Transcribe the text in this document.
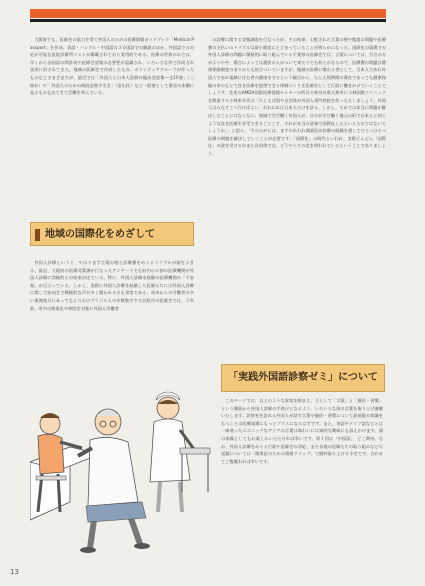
大阪府でも、医師会の協力を得て外国人のための医療情報ガイドブック「Medical Passport」を作成、英語・ハングル・中国語の３カ国語での解説のほか、外国語での対応が可能な医院診療所リストが掲載されており実用的である。医療の世界のみでは、早くから各国語の問診表や医療会話集の必要性が認識され、いろいろな形で作成され実用に供されてきた。地域の医師会で作成したもの、ボランティアグループが作ったものなどさまざまだが、最近では「外国人と日本人医師の臨床会話集―全10巻」（三修社）や「外国人のための病院必携手引き」（信山社）など一般書として書店の本棚に並ぶものも出てきて活躍を呼んでいる。

地域の国際化をめざして

外国人診療というと、やはりまず言葉の壁と診療費をめぐるトラブルが頭をよぎる。最近、大阪府の医療対策課が行なったアンケートでも府内の６割の医療機関が外国人診療に消極的との結果が出ている。特に、外国人診療未経験の医療機関の「不安視」が目立っている。しかし、実際に外国人診療を経験した医師たちには外国人診療に関して前向きで積極的な声が多く聞かれるのも事実である。南米からの労働者の多い東海地方にあってもとりわけブラジル人の多数集中する浜松市の医師会では、２年前、市内の開業医や病院を対象に外国人労働者

の診療に関する実態調査を行なったが、その結果、心配された言葉の壁や態度の問題や医療費の支払いのトラブルは最小限度にとどまっていることが明らかになった。国際化の現場での外国人診療の問題に積極的に取り組んでいる千葉県の医師会では、言葉については、方言の方がよりやや、場合によっては通訳の人がついて来たりでも何とかなるので、医療費の問題は健康保険制度のありかたも結びついていますが、地域の医療に携わる者として、日本人であれ外国人であれ地域に住む者の健康を守るという観点から、たとえ短期間の滞在であっても健康保険の傘のもとで良き医療を提供できる体制づくりを医師会として行政に働きかけていくことでしょうす。先述のAMDA国際医療情報センターの所長で神奈川県大和市に小林国際クリニックを開業する小林米幸氏は「たとえば国や自治体が外国人専門病院を作ったとしましょう。外国人はみなそこへ行けばよい、われわれは日本人だけを診る、しかし、それでは本当に問題が解決したことにはならない。地域で学び働く外国人が、自分が学び働く地元の町で日本人と同じような良き医療を享受できることこそ、それが本当の意味で国際化したといえるのではないでしょうか。」と語る。「そのためには、まずわれわれ開業医が診療の経験を通してひとつひとつ医療の問題を解決していくことが必要です」「国際化」の時代といわれ、実際どんどん「国際化」の波を受けるがまた自治体では、どうやらその走を問われているということでありましょう。

「実践外国語診察ゼミ」について

このページでは、以上のような事実を踏まえ、主として「言葉」と「風俗・習慣」という側面から外国人診療の手助けとなるよう、いろいろな国の言葉を取り上げ連載いたします。診察室を訪れる外国人が話す言葉や風俗・習慣について最低限の知識をもつことは医療現場にもっとプラスになるはずです。また、英語やドイツ語などとは一味違ったエスニックなアジアの言葉は味わいには知的な興味にも訴えかけます。頭の体操としてもお楽しみいただければ幸いです。第１回は「中国語」、どこ期待。なお、外国人診療をめぐる行政や医師会の対応、また各地の医師たちの取り組みなどの話題については「開業医のための情報クリップ」で随時取り上げる予定です。合わせてご覧載われば幸いです。

13
